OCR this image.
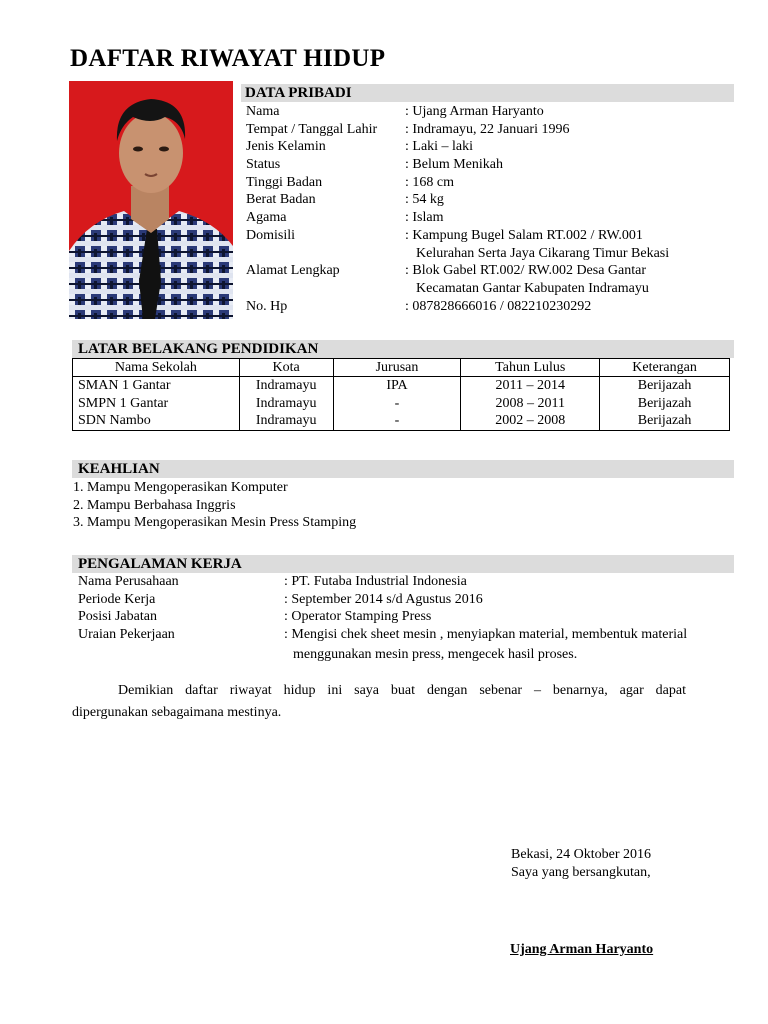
DAFTAR RIWAYAT HIDUP
DATA PRIBADI
Nama	: Ujang Arman Haryanto
Tempat / Tanggal Lahir : Indramayu, 22 Januari 1996
Jenis Kelamin	: Laki – laki
Status	: Belum Menikah
Tinggi Badan	: 168 cm
Berat Badan	: 54 kg
Agama	: Islam
Domisili	: Kampung Bugel Salam RT.002 / RW.001
Kelurahan Serta Jaya Cikarang Timur Bekasi
Alamat Lengkap	: Blok Gabel RT.002/ RW.002 Desa Gantar
Kecamatan Gantar Kabupaten Indramayu
No. Hp	: 087828666016 / 082210230292
LATAR BELAKANG PENDIDIKAN
Nama Sekolah	Kota	Jurusan	Tahun Lulus	Keterangan
SMAN 1 Gantar	Indramayu	IPA	2011 – 2014	Berijazah
SMPN 1 Gantar	Indramayu	-	2008 – 2011	Berijazah
SDN Nambo	Indramayu	-	2002 – 2008	Berijazah
KEAHLIAN
1. Mampu Mengoperasikan Komputer
2. Mampu Berbahasa Inggris
3. Mampu Mengoperasikan Mesin Press Stamping
PENGALAMAN KERJA
Nama Perusahaan	: PT. Futaba Industrial Indonesia
Periode Kerja	: September 2014 s/d Agustus 2016
Posisi Jabatan	: Operator Stamping Press
Uraian Pekerjaan	: Mengisi chek sheet mesin , menyiapkan material, membentuk material
menggunakan mesin press, mengecek hasil proses.
Demikian daftar riwayat hidup ini saya buat dengan sebenar – benarnya, agar dapat
dipergunakan sebagaimana mestinya.
Bekasi, 24 Oktober 2016
Saya yang bersangkutan,
Ujang Arman Haryanto
